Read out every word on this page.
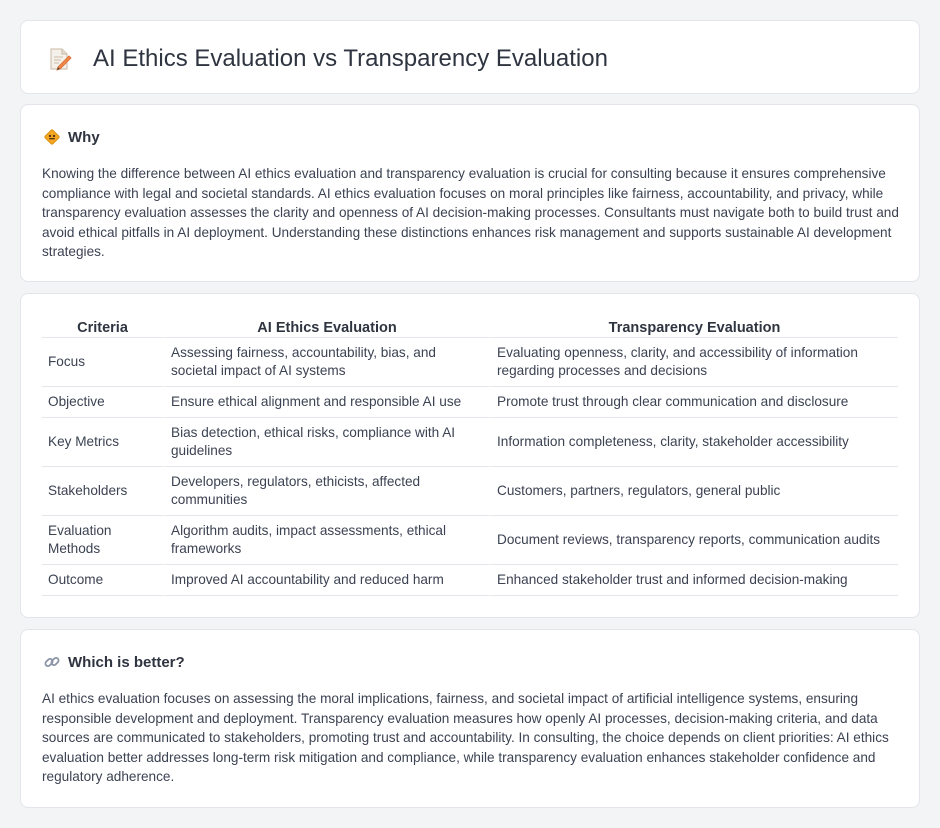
AI Ethics Evaluation vs Transparency Evaluation
Why

Knowing the difference between AI ethics evaluation and transparency evaluation is crucial for consulting because it ensures comprehensive compliance with legal and societal standards. AI ethics evaluation focuses on moral principles like fairness, accountability, and privacy, while transparency evaluation assesses the clarity and openness of AI decision-making processes. Consultants must navigate both to build trust and avoid ethical pitfalls in AI deployment. Understanding these distinctions enhances risk management and supports sustainable AI development strategies.

Criteria	AI Ethics Evaluation	Transparency Evaluation
Focus	Assessing fairness, accountability, bias, and societal impact of AI systems	Evaluating openness, clarity, and accessibility of information regarding processes and decisions
Objective	Ensure ethical alignment and responsible AI use	Promote trust through clear communication and disclosure
Key Metrics	Bias detection, ethical risks, compliance with AI guidelines	Information completeness, clarity, stakeholder accessibility
Stakeholders	Developers, regulators, ethicists, affected communities	Customers, partners, regulators, general public
Evaluation Methods	Algorithm audits, impact assessments, ethical frameworks	Document reviews, transparency reports, communication audits
Outcome	Improved AI accountability and reduced harm	Enhanced stakeholder trust and informed decision-making
Which is better?

AI ethics evaluation focuses on assessing the moral implications, fairness, and societal impact of artificial intelligence systems, ensuring responsible development and deployment. Transparency evaluation measures how openly AI processes, decision-making criteria, and data sources are communicated to stakeholders, promoting trust and accountability. In consulting, the choice depends on client priorities: AI ethics evaluation better addresses long-term risk mitigation and compliance, while transparency evaluation enhances stakeholder confidence and regulatory adherence.
